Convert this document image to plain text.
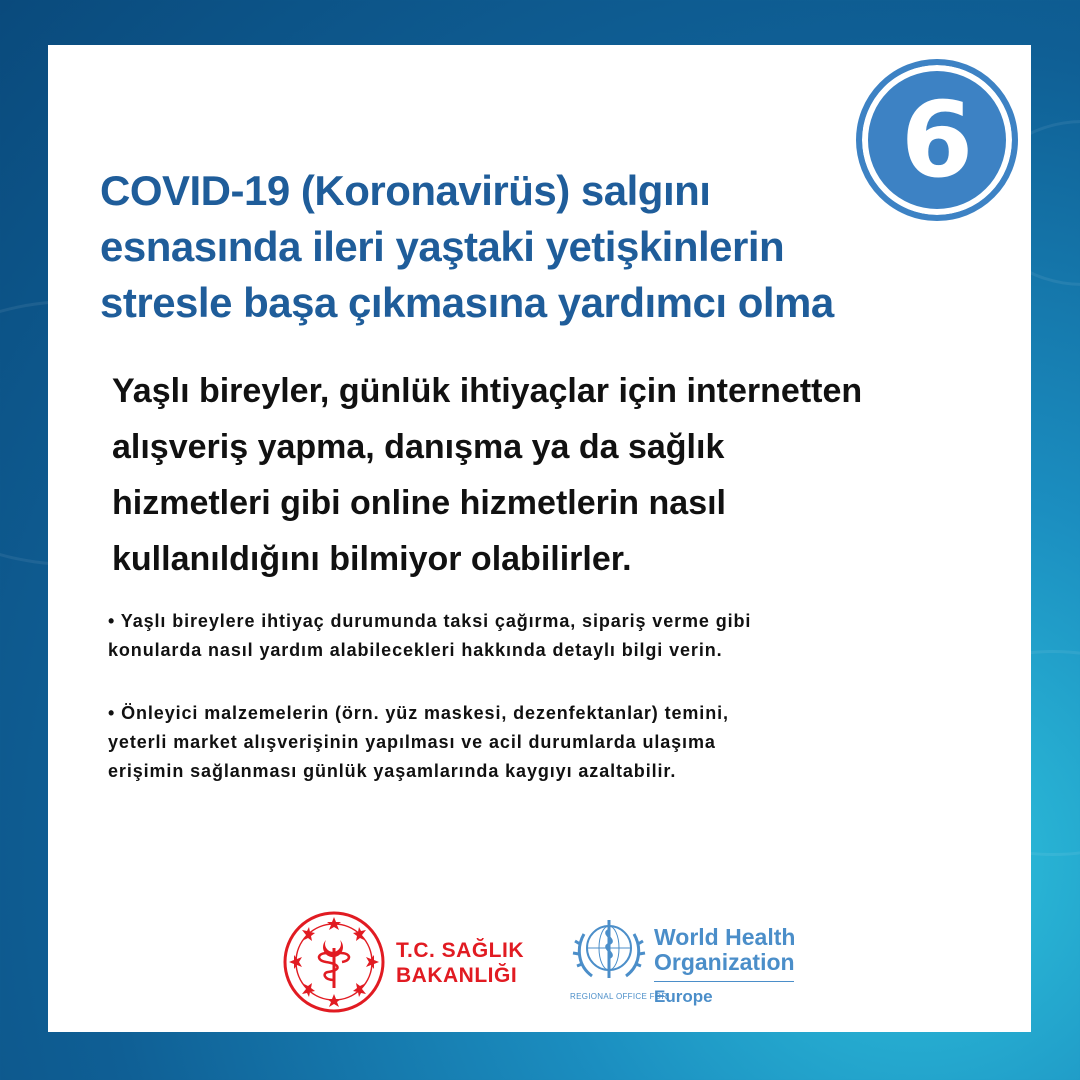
6
COVID-19 (Koronavirüs) salgını
esnasında ileri yaştaki yetişkinlerin
stresle başa çıkmasına yardımcı olma
Yaşlı bireyler, günlük ihtiyaçlar için internetten
alışveriş yapma, danışma ya da sağlık
hizmetleri gibi online hizmetlerin nasıl
kullanıldığını bilmiyor olabilirler.
• Yaşlı bireylere ihtiyaç durumunda taksi çağırma, sipariş verme gibi
konularda nasıl yardım alabilecekleri hakkında detaylı bilgi verin.
• Önleyici malzemelerin (örn. yüz maskesi, dezenfektanlar) temini,
yeterli market alışverişinin yapılması ve acil durumlarda ulaşıma
erişimin sağlanması günlük yaşamlarında kaygıyı azaltabilir.
T.C. SAĞLIK
BAKANLIĞI
World Health
Organization
REGIONAL OFFICE FOR
Europe
